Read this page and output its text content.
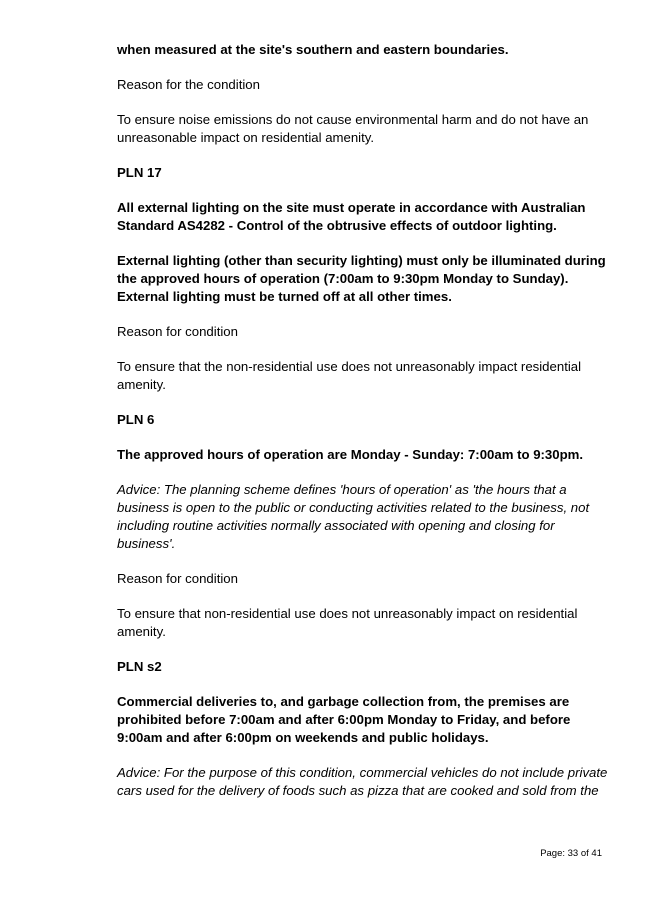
when measured at the site's southern and eastern boundaries.

Reason for the condition

To ensure noise emissions do not cause environmental harm and do not have an unreasonable impact on residential amenity.

PLN 17

All external lighting on the site must operate in accordance with Australian Standard AS4282 - Control of the obtrusive effects of outdoor lighting.

External lighting (other than security lighting) must only be illuminated during the approved hours of operation (7:00am to 9:30pm Monday to Sunday). External lighting must be turned off at all other times.

Reason for condition

To ensure that the non-residential use does not unreasonably impact residential amenity.

PLN 6

The approved hours of operation are Monday - Sunday: 7:00am to 9:30pm.

Advice: The planning scheme defines 'hours of operation' as 'the hours that a business is open to the public or conducting activities related to the business, not including routine activities normally associated with opening and closing for business'.

Reason for condition

To ensure that non-residential use does not unreasonably impact on residential amenity.

PLN s2

Commercial deliveries to, and garbage collection from, the premises are prohibited before 7:00am and after 6:00pm Monday to Friday, and before 9:00am and after 6:00pm on weekends and public holidays.

Advice: For the purpose of this condition, commercial vehicles do not include private cars used for the delivery of foods such as pizza that are cooked and sold from the

Page: 33 of 41
